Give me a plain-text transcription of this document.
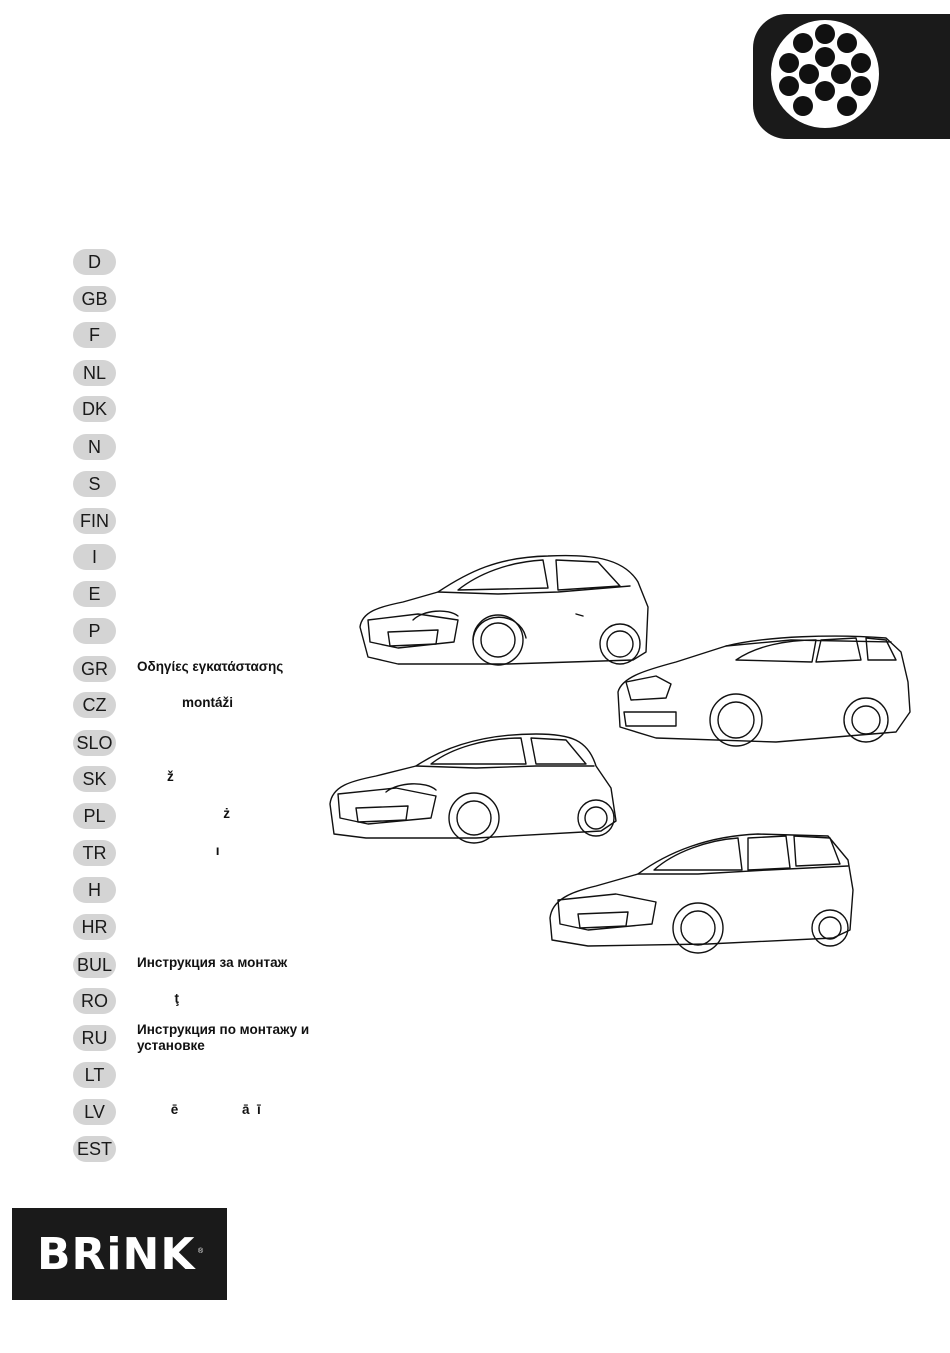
D
GB
F
NL
DK
N
S
FIN
I
E
P
GR	Οδηγίες εγκατάστασης
CZ	montáži
SLO
SK	ž
PL	ż
TR	ı
H
HR
BUL Инструкция за монтаж
RO	ţ
RU	Инструкция по монтажу и
установке
LT
LV	ē                 ā  ī
EST
BRiNK ®
